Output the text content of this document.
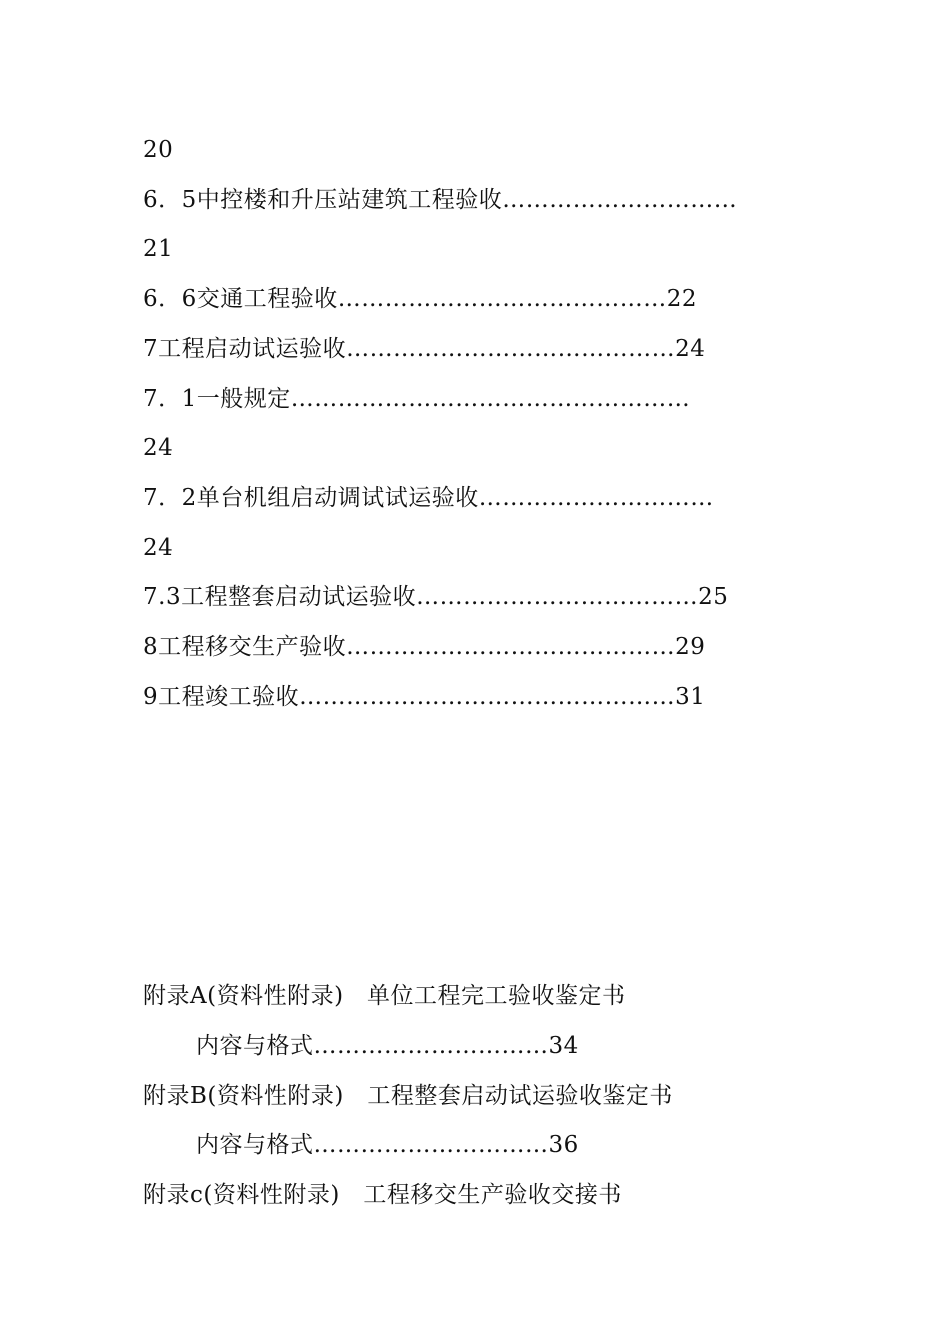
20
6．5中控楼和升压站建筑工程验收…………………………
21
6．6交通工程验收……………………………………22
7工程启动试运验收……………………………………24
7．1一般规定……………………………………………
24
7．2单台机组启动调试试运验收…………………………
24
7.3工程整套启动试运验收………………………………25
8工程移交生产验收……………………………………29
9工程竣工验收…………………………………………31
附录A(资料性附录)　单位工程完工验收鉴定书
内容与格式…………………………34
附录B(资料性附录)　工程整套启动试运验收鉴定书
内容与格式…………………………36
附录c(资料性附录)　工程移交生产验收交接书
